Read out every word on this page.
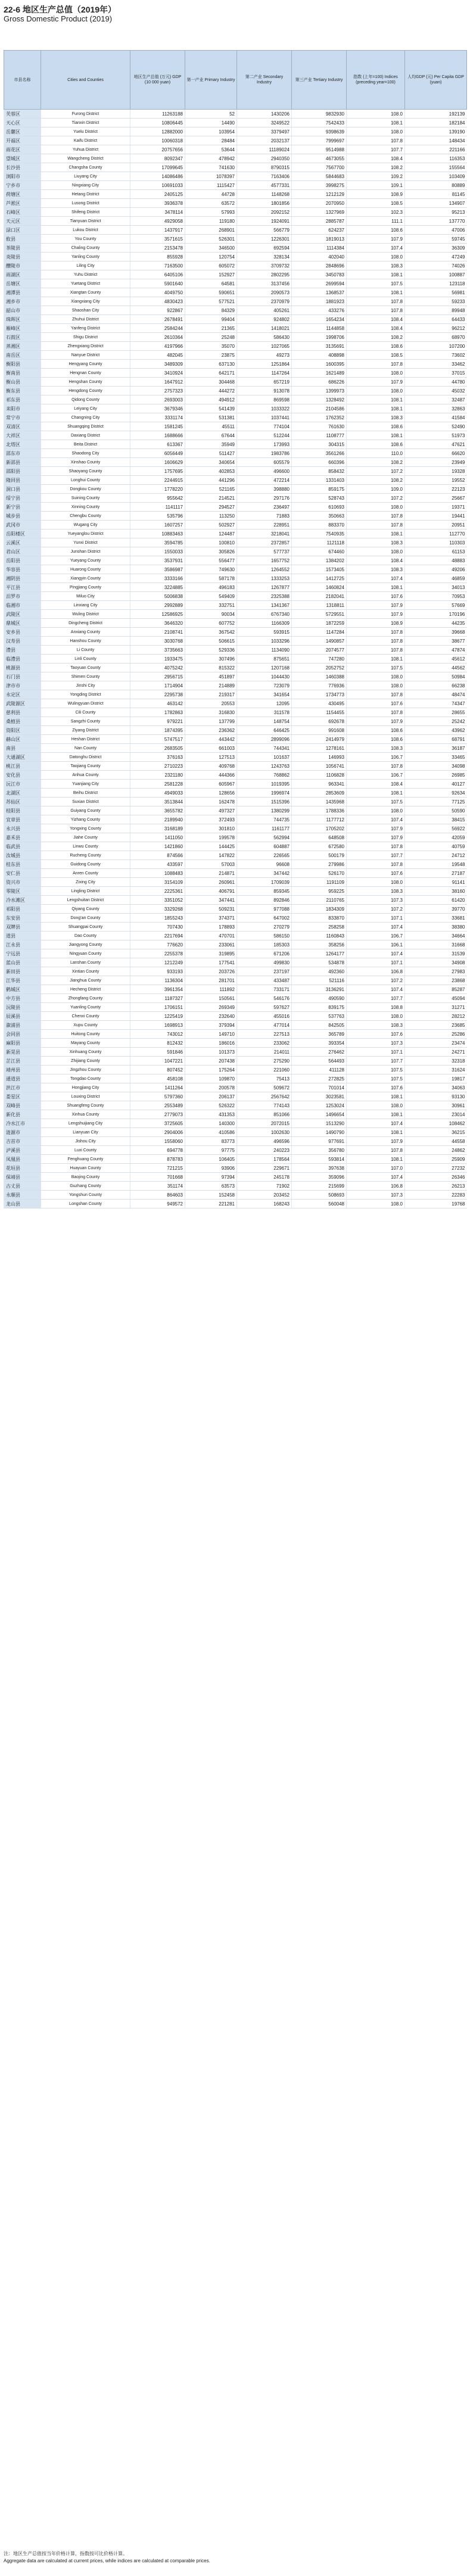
22-6 地区生产总值（2019年）
Gross Domestic Product (2019)
市县名称	Cities and Counties	地区生产总值 (万元) GDP (10 000 yuan)	第一产业 Primary Industry	第二产业 Secondary Industry	第三产业 Tertiary Industry	指数 (上年=100) Indices (preceding year=100)	人均GDP (元) Per Capita GDP (yuan)
芙蓉区	Furong District	11263188	52	1430206	9832930	108.0	192139
天心区	Tianxin District	10806445	14490	3249522	7542433	108.1	182184
岳麓区	Yuelu District	12882000	103954	3379497	9398639	108.0	139190
开福区	Kaifu District	10060318	28484	2032137	7999697	107.8	148434
雨花区	Yuhua District	20757656	53644	11189024	9514988	107.7	221166
望城区	Wangcheng District	8092347	478942	2940350	4673055	108.4	116353
长沙县	Changsha County	17099645	741630	8790315	7567700	108.2	155564
浏阳市	Liuyang City	14086486	1078397	7163406	5844683	109.2	103409
宁乡市	Ningxiang City	10691033	1115427	4577331	3998275	109.1	80889
荷塘区	Hetang District	2405125	44728	1148268	1212129	108.9	81145
芦淞区	Lusong District	3936378	63572	1801856	2070950	108.5	134907
石峰区	Shifeng District	3478114	57993	2092152	1327969	102.3	95213
天元区	Tianyuan District	4929058	119180	1924091	2885787	111.1	137770
渌口区	Lukou District	1437917	268901	566779	624237	108.6	47006
攸县	You County	3571615	526301	1226301	1819013	107.9	59745
茶陵县	Chaling County	2153478	346500	692594	1114384	107.4	36309
炎陵县	Yanling County	855928	120754	328134	402040	108.0	47249
醴陵市	Liling City	7163500	605072	3709732	2848696	108.3	74026
雨湖区	Yuhu District	6405106	152927	2802295	3450783	108.1	100887
岳塘区	Yuetang District	5901640	64581	3137456	2699594	107.5	123118
湘潭县	Xiangtan County	4049750	590651	2090573	1368537	108.1	56981
湘乡市	Xiangxiang City	4830423	577521	2370979	1881923	107.8	59233
韶山市	Shaoshan City	922867	84329	405261	433276	107.8	89948
珠晖区	Zhuhui District	2678491	99404	924802	1654234	108.4	64433
雁峰区	Yanfeng District	2584244	21365	1418021	1144858	108.4	96212
石鼓区	Shigu District	2610364	25248	586430	1998706	108.2	68970
蒸湘区	Zhengxiang District	4197966	35070	1027065	3135691	108.6	107200
南岳区	Nanyue District	482045	23875	49273	408898	108.5	73602
衡阳县	Hengyang County	3489309	637130	1251864	1600395	107.8	33462
衡南县	Hengnan County	3410924	642171	1147264	1621489	108.0	37015
衡山县	Hengshan County	1647912	304468	657219	686226	107.9	44780
衡东县	Hengdong County	2757323	444272	913078	1399973	108.0	45032
祁东县	Qidong County	2693003	494912	869598	1328492	108.1	32487
耒阳市	Leiyang City	3679346	541439	1033322	2104586	108.1	32863
常宁市	Changning City	3331174	531381	1037441	1762352	108.3	41584
双清区	Shuangqing District	1581245	45511	774104	761630	108.6	52490
大祥区	Daxiang District	1688666	67644	512244	1108777	108.1	51973
北塔区	Beita District	613367	35949	173993	304315	108.6	47621
邵东市	Shaodong City	6056449	511427	1983786	3561266	110.0	66620
新邵县	Xinshao County	1606629	340654	605579	660396	108.2	23949
邵阳县	Shaoyang County	1757695	402853	496600	858432	107.2	19328
隆回县	Longhui County	2244915	441296	472214	1331403	108.2	19552
洞口县	Dongkou County	1778220	521165	398880	859175	109.0	22123
绥宁县	Suining County	955642	214521	297176	528743	107.2	25667
新宁县	Xinning County	1141117	294527	236497	610693	108.0	19371
城步县	Chengbu County	535796	113250	71883	350663	107.8	19441
武冈市	Wugang City	1607257	502927	228951	883370	107.8	20951
岳阳楼区	Yueyanglou District	10883463	124487	3218041	7540935	108.1	112770
云溪区	Yunxi District	3594785	100810	2372857	1121118	108.3	110303
君山区	Junshan District	1550033	305826	577737	674460	108.0	61153
岳阳县	Yueyang County	3537931	556477	1657752	1384202	108.4	48883
华容县	Huarong County	3586987	749630	1264552	1573405	108.3	49206
湘阴县	Xiangyin County	3333166	587178	1333253	1412725	107.4	46859
平江县	Pingjiang County	3224885	496183	1267877	1460824	108.1	34013
汨罗市	Miluo City	5006838	549409	2325388	2182041	107.6	70953
临湘市	Linxiang City	2992889	332751	1341367	1318811	107.9	57669
武陵区	Wuling District	12586925	90034	6767340	5729551	107.9	170196
鼎城区	Dingcheng District	3646320	607752	1166309	1872259	108.9	44235
安乡县	Anxiang County	2108741	367542	593915	1147284	107.8	39668
汉寿县	Hanshou County	3030768	506615	1033296	1490857	107.8	38677
澧县	Li County	3735663	529336	1134090	2074577	107.8	47874
临澧县	Linli County	1933475	307496	875651	747280	108.1	45612
桃源县	Taoyuan County	4075242	815322	1207168	2052752	107.5	44562
石门县	Shimen County	2956715	451897	1044430	1460388	108.0	50984
津市市	Jinshi City	1714904	214889	723079	776936	108.0	66238
永定区	Yongding District	2295738	219317	341654	1734773	107.8	48474
武陵源区	Wulingyuan District	463142	20553	12095	430495	107.6	74347
慈利县	Cili County	1782863	316830	311578	1154455	107.8	28655
桑植县	Sangzhi County	979221	137799	148754	692678	107.9	25242
资阳区	Ziyang District	1874395	236362	646425	991608	108.6	43962
赫山区	Heshan District	5747517	443442	2899096	2414979	108.6	68791
南县	Nan County	2683505	661003	744341	1278161	108.3	36187
大通湖区	Datonghu District	376163	127513	101637	146993	106.7	33465
桃江县	Taojiang County	2710223	409768	1243763	1056741	107.8	34098
安化县	Anhua County	2321180	444366	768862	1106828	106.7	26985
沅江市	Yuanjiang City	2581228	605967	1019395	963341	108.4	40127
北湖区	Beihu District	4949033	128656	1996974	2853609	108.1	92634
苏仙区	Suxian District	3513844	162478	1515396	1435968	107.5	77125
桂阳县	Guiyang County	3655782	497327	1380299	1788336	108.0	50590
宜章县	Yizhang County	2189940	372493	744735	1177712	107.4	38415
永兴县	Yongxing County	3168189	301810	1161177	1705202	107.9	56922
嘉禾县	Jiahe County	1411050	199578	562994	648508	107.9	42059
临武县	Linwu County	1421860	144425	604887	672580	107.8	40759
汝城县	Rucheng County	874566	147822	226565	500179	107.7	24712
桂东县	Guidong County	433597	57003	96608	279986	107.8	19548
安仁县	Anren County	1088483	214871	347442	526170	107.6	27187
资兴市	Zixing City	3154109	260961	1709039	1191109	108.0	91141
零陵区	Lingling District	2225361	406791	859345	959225	108.3	38160
冷水滩区	Lengshuitan District	3351052	347441	892846	2110765	107.3	61420
祁阳县	Qiyang County	3329268	509231	977088	1834309	107.2	39770
东安县	Dong'an County	1855243	374371	647002	833870	107.1	33681
双牌县	Shuangpai County	707430	178893	270279	258258	107.4	38380
道县	Dao County	2217694	470701	586150	1160843	106.7	34664
江永县	Jiangyong County	776620	233061	185303	358256	106.1	31668
宁远县	Ningyuan County	2255378	319895	671206	1264177	107.4	31539
蓝山县	Lanshan County	1212249	177541	499830	534878	107.1	34908
新田县	Xintian County	933193	203726	237197	492360	106.8	27983
江华县	Jianghua County	1136304	281701	433487	521116	107.2	23868
鹤城区	Hecheng District	3961354	111892	733171	3136291	107.4	85287
中方县	Zhongfang County	1187327	150561	546176	490590	107.7	45094
沅陵县	Yuanling County	1706151	269349	597627	839175	108.8	31271
辰溪县	Chenxi County	1225419	232640	455016	537763	108.0	28212
溆浦县	Xupu County	1698913	379394	477014	842505	108.3	23685
会同县	Huitong County	743012	149710	227513	365789	107.6	25286
麻阳县	Mayang County	812432	186016	233062	393354	107.3	23474
新晃县	Xinhuang County	591846	101373	214011	276462	107.1	24271
芷江县	Zhijiang County	1047221	207438	275290	564493	107.7	32318
靖州县	Jingzhou County	807452	175264	221060	411128	107.5	31624
通道县	Tongdao County	458108	109870	75413	272825	107.5	19817
洪江市	Hongjiang City	1411264	200578	509672	701014	107.6	34063
娄星区	Louxing District	5797360	206137	2567642	3023581	108.1	93130
双峰县	Shuangfeng County	2553489	526322	774143	1253024	108.0	30961
新化县	Xinhua County	2779073	431353	851066	1496654	108.1	23014
冷水江市	Lengshuijiang City	3725605	140300	2072015	1513290	107.4	108462
涟源市	Lianyuan City	2904006	410586	1002630	1490790	108.1	36215
吉首市	Jishou City	1558060	83773	496596	977691	107.9	44558
泸溪县	Luxi County	694778	97775	240223	356780	107.8	24862
凤凰县	Fenghuang County	878783	106405	178564	593814	108.1	25909
花垣县	Huayuan County	721215	93906	229671	397638	107.0	27232
保靖县	Baojing County	701668	97394	245178	359096	107.4	26346
古丈县	Guzhang County	351174	63573	71902	215699	106.8	26213
永顺县	Yongshun County	864603	152458	203452	508693	107.3	22283
龙山县	Longshan County	949572	221281	168243	560048	108.0	19768
注：地区生产总值按当年价格计算，指数按可比价格计算。
Aggregate data are calculated at current prices, while indices are calculated at comparable prices.
